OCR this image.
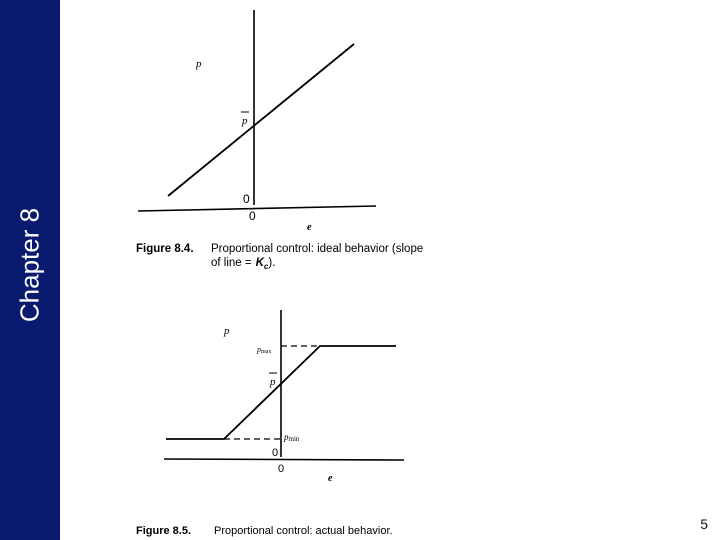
Chapter 8
p
p
0
0
e
Figure 8.4. Proportional control: ideal behavior (slope
of line = $K_c$).
p
pmax
p
pmin
0
0
e
Figure 8.5. Proportional control: actual behavior.	5
